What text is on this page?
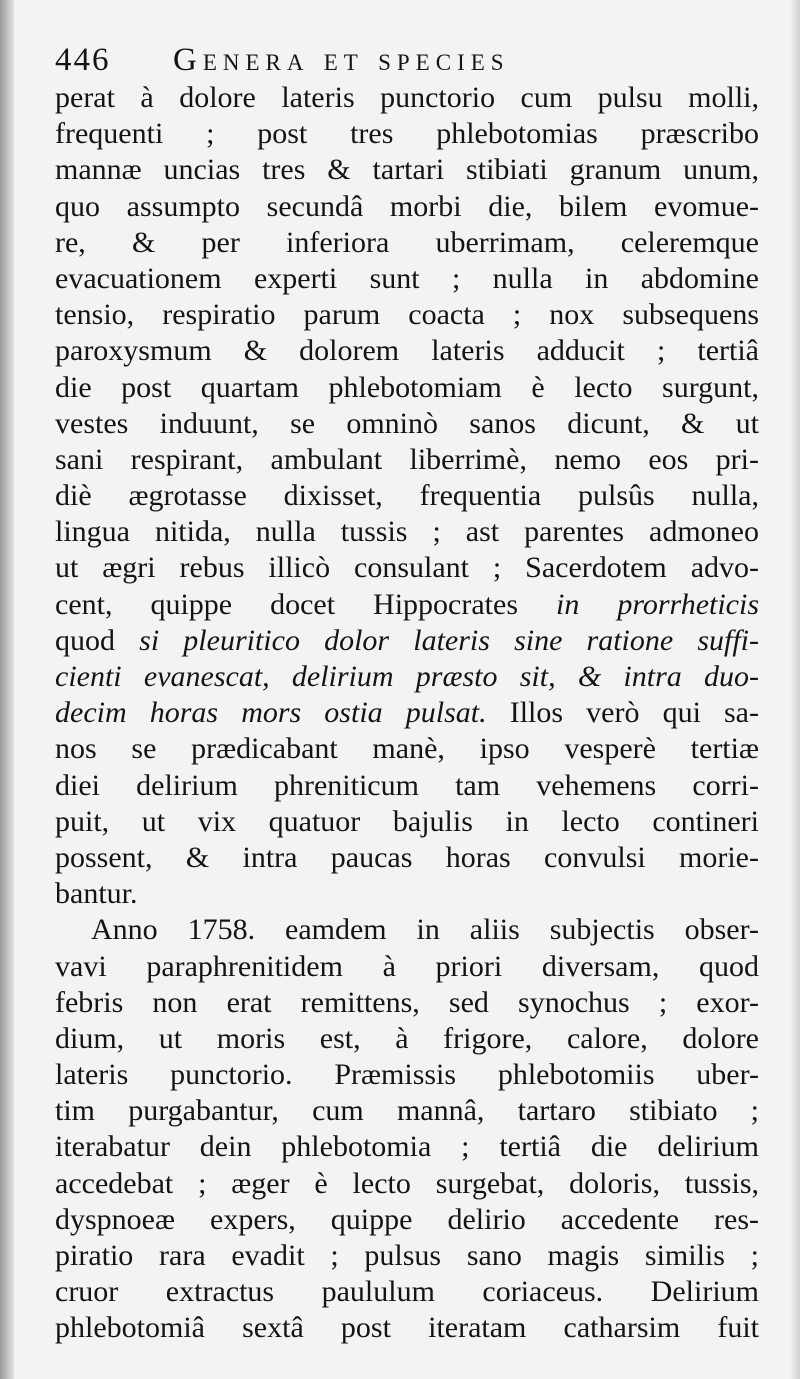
446 Genera et species
perat à dolore lateris punctorio cum pulsu molli,
frequenti ; post tres phlebotomias præscribo
mannæ uncias tres & tartari stibiati granum unum,
quo assumpto secundâ morbi die, bilem evomue-
re, & per inferiora uberrimam, celeremque
evacuationem experti sunt ; nulla in abdomine
tensio, respiratio parum coacta ; nox subsequens
paroxysmum & dolorem lateris adducit ; tertiâ
die post quartam phlebotomiam è lecto surgunt,
vestes induunt, se omninò sanos dicunt, & ut
sani respirant, ambulant liberrimè, nemo eos pri-
diè ægrotasse dixisset, frequentia pulsûs nulla,
lingua nitida, nulla tussis ; ast parentes admoneo
ut ægri rebus illicò consulant ; Sacerdotem advo-
cent, quippe docet Hippocrates in prorrheticis
quod si pleuritico dolor lateris sine ratione suffi-
cienti evanescat, delirium præsto sit, & intra duo-
decim horas mors ostia pulsat. Illos verò qui sa-
nos se prædicabant manè, ipso vesperè tertiæ
diei delirium phreniticum tam vehemens corri-
puit, ut vix quatuor bajulis in lecto contineri
possent, & intra paucas horas convulsi morie-
bantur.
Anno 1758. eamdem in aliis subjectis obser-
vavi paraphrenitidem à priori diversam, quod
febris non erat remittens, sed synochus ; exor-
dium, ut moris est, à frigore, calore, dolore
lateris punctorio. Præmissis phlebotomiis uber-
tim purgabantur, cum mannâ, tartaro stibiato ;
iterabatur dein phlebotomia ; tertiâ die delirium
accedebat ; æger è lecto surgebat, doloris, tussis,
dyspnoeæ expers, quippe delirio accedente res-
piratio rara evadit ; pulsus sano magis similis ;
cruor extractus paululum coriaceus. Delirium
phlebotomiâ sextâ post iteratam catharsim fuit
